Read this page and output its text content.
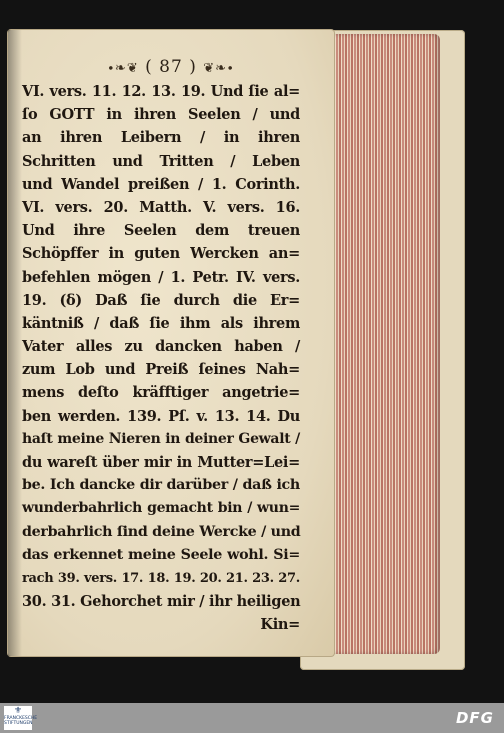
∙❧❦ ( 87 ) ❦❧∙
VI. vers. 11. 12. 13. 19. Und ſie al=
ſo GOTT in ihren Seelen / und
an ihren Leibern / in ihren
Schritten und Tritten / Leben
und Wandel preißen / 1. Corinth.
VI. vers. 20. Matth. V. vers. 16.
Und ihre Seelen dem treuen
Schöpffer in guten Wercken an=
befehlen mögen / 1. Petr. IV. vers.
19. (δ) Daß ſie durch die Er=
käntniß / daß ſie ihm als ihrem
Vater alles zu dancken haben /
zum Lob und Preiß ſeines Nah=
mens deſto kräfftiger angetrie=
ben werden. 139. Pſ. v. 13. 14. Du
haſt meine Nieren in deiner Gewalt /
du wareſt über mir in Mutter=Lei=
be. Ich dancke dir darüber / daß ich
wunderbahrlich gemacht bin / wun=
derbahrlich ſind deine Wercke / und
das erkennet meine Seele wohl. Si=
rach 39. vers. 17. 18. 19. 20. 21. 23. 27.
30. 31. Gehorchet mir / ihr heiligen
Kin=
⚜
FRANCKESCHE STIFTUNGEN	DFG
